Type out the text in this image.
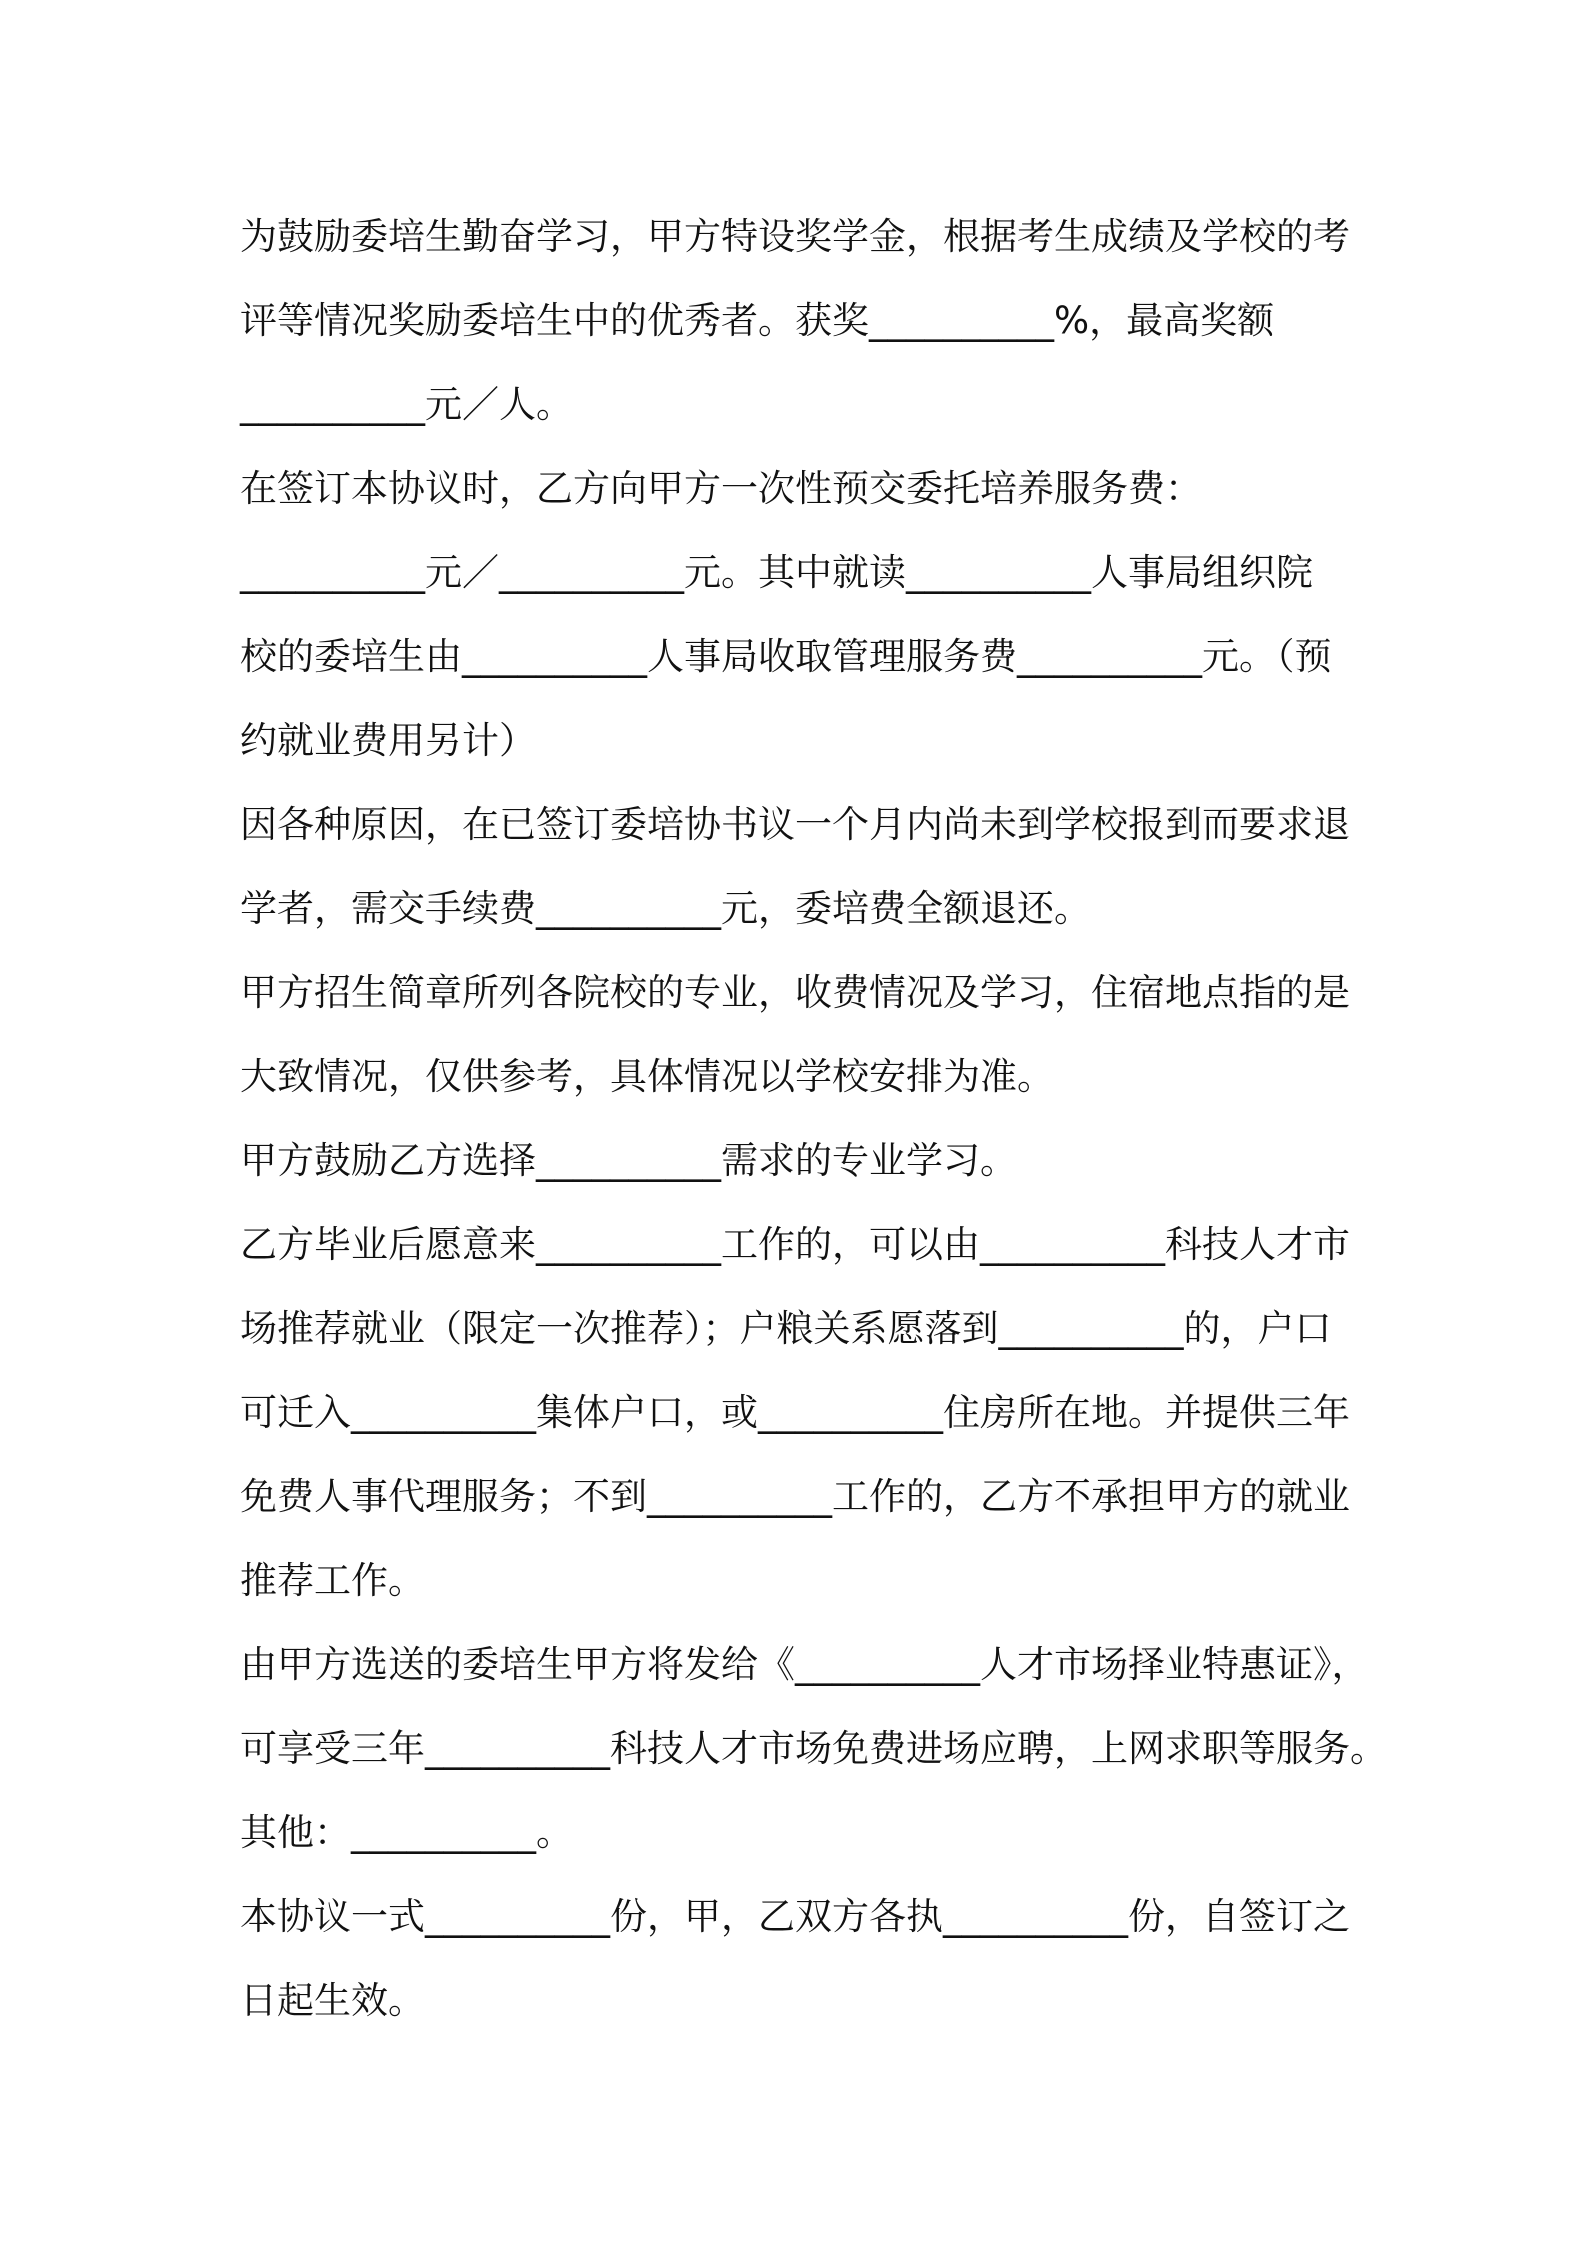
为鼓励委培生勤奋学习，甲方特设奖学金，根据考生成绩及学校的考
评等情况奖励委培生中的优秀者。获奖__________%，最高奖额
__________元／人。
在签订本协议时，乙方向甲方一次性预交委托培养服务费：
__________元／__________元。其中就读__________人事局组织院
校的委培生由__________人事局收取管理服务费__________元。（预
约就业费用另计）
因各种原因，在已签订委培协书议一个月内尚未到学校报到而要求退
学者，需交手续费__________元，委培费全额退还。
甲方招生简章所列各院校的专业，收费情况及学习，住宿地点指的是
大致情况，仅供参考，具体情况以学校安排为准。
甲方鼓励乙方选择__________需求的专业学习。
乙方毕业后愿意来__________工作的，可以由__________科技人才市
场推荐就业（限定一次推荐）；户粮关系愿落到__________的，户口
可迁入__________集体户口，或__________住房所在地。并提供三年
免费人事代理服务；不到__________工作的，乙方不承担甲方的就业
推荐工作。
由甲方选送的委培生甲方将发给《__________人才市场择业特惠证》，
可享受三年__________科技人才市场免费进场应聘，上网求职等服务。
其他：__________。
本协议一式__________份，甲，乙双方各执__________份，自签订之
日起生效。
